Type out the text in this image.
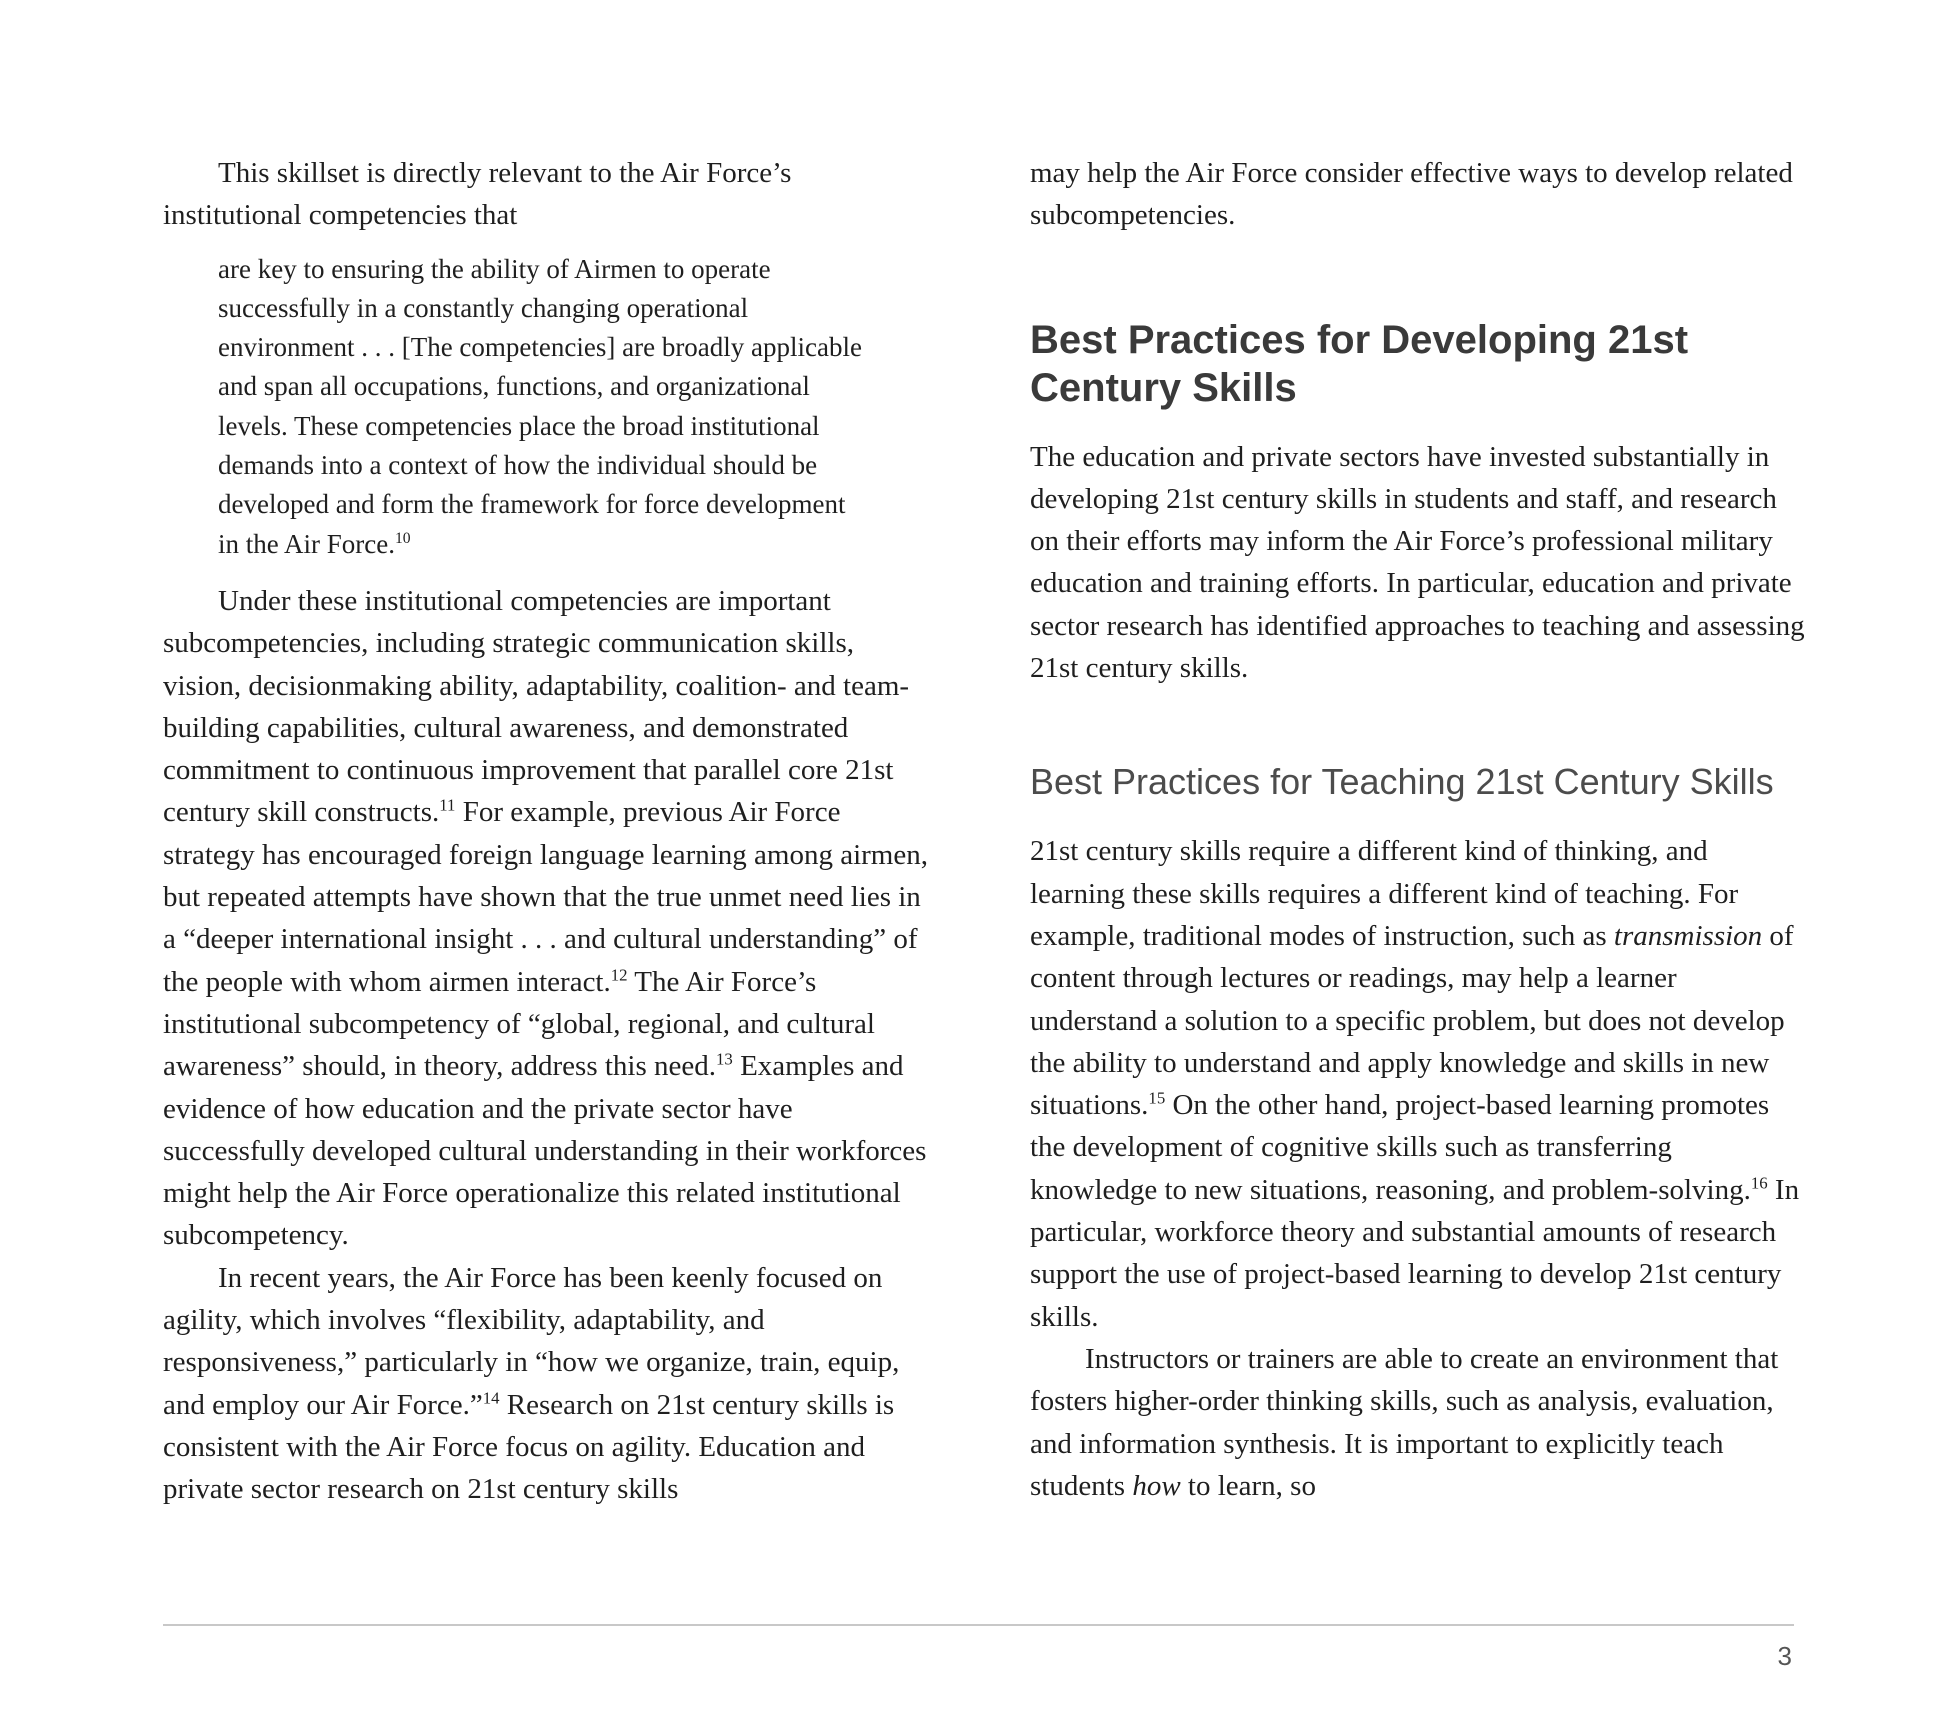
This skillset is directly relevant to the Air Force’s institutional competencies that

are key to ensuring the ability of Airmen to operate successfully in a constantly changing operational environment . . . [The competencies] are broadly applicable and span all occupations, functions, and organizational levels. These competencies place the broad institutional demands into a context of how the individual should be developed and form the framework for force development in the Air Force.$^{10}$

Under these institutional competencies are important subcompetencies, including strategic communication skills, vision, decisionmaking ability, adaptability, coalition- and team-building capabilities, cultural awareness, and demonstrated commitment to continuous improvement that parallel core 21st century skill constructs.$^{11}$ For example, previous Air Force strategy has encouraged foreign language learning among airmen, but repeated attempts have shown that the true unmet need lies in a “deeper international insight . . . and cultural understanding” of the people with whom airmen interact.$^{12}$ The Air Force’s institutional subcompetency of “global, regional, and cultural awareness” should, in theory, address this need.$^{13}$ Examples and evidence of how education and the private sector have successfully developed cultural understanding in their workforces might help the Air Force operationalize this related institutional subcompetency.

In recent years, the Air Force has been keenly focused on agility, which involves “flexibility, adaptability, and responsiveness,” particularly in “how we organize, train, equip, and employ our Air Force.”$^{14}$ Research on 21st century skills is consistent with the Air Force focus on agility. Education and private sector research on 21st century skills

may help the Air Force consider effective ways to develop related subcompetencies.

Best Practices for Developing 21st Century Skills

The education and private sectors have invested substantially in developing 21st century skills in students and staff, and research on their efforts may inform the Air Force’s professional military education and training efforts. In particular, education and private sector research has identified approaches to teaching and assessing 21st century skills.

Best Practices for Teaching 21st Century Skills

21st century skills require a different kind of thinking, and learning these skills requires a different kind of teaching. For example, traditional modes of instruction, such as transmission of content through lectures or readings, may help a learner understand a solution to a specific problem, but does not develop the ability to understand and apply knowledge and skills in new situations.$^{15}$ On the other hand, project-based learning promotes the development of cognitive skills such as transferring knowledge to new situations, reasoning, and problem-solving.$^{16}$ In particular, workforce theory and substantial amounts of research support the use of project-based learning to develop 21st century skills.

Instructors or trainers are able to create an environment that fosters higher-order thinking skills, such as analysis, evaluation, and information synthesis. It is important to explicitly teach students how to learn, so

3
